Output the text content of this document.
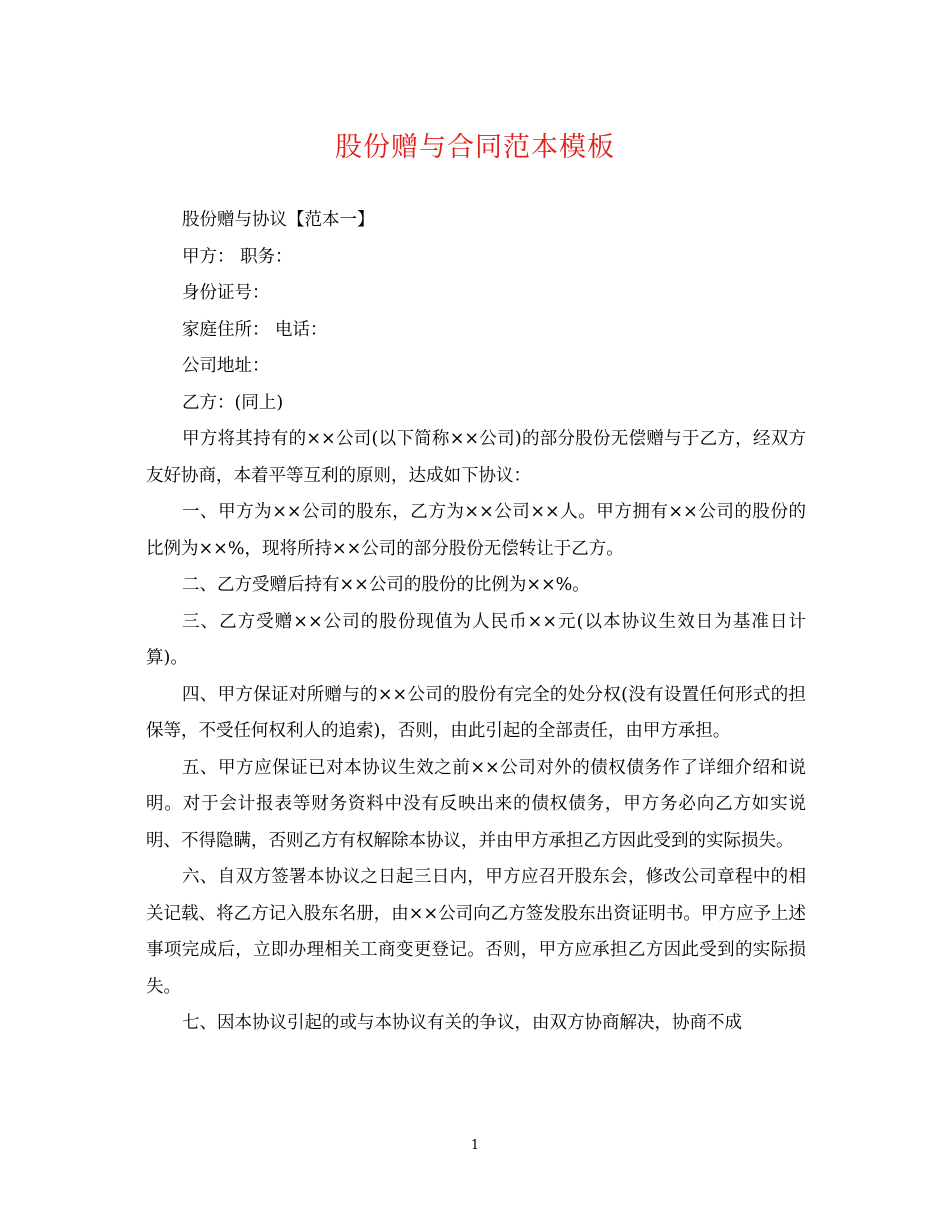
股份赠与合同范本模板

股份赠与协议【范本一】

甲方： 职务：

身份证号：

家庭住所： 电话：

公司地址：

乙方：(同上)

甲方将其持有的××公司(以下简称××公司)的部分股份无偿赠与于乙方，经双方友好协商，本着平等互利的原则，达成如下协议：

一、甲方为××公司的股东，乙方为××公司××人。甲方拥有××公司的股份的比例为××%，现将所持××公司的部分股份无偿转让于乙方。

二、乙方受赠后持有××公司的股份的比例为××%。

三、乙方受赠××公司的股份现值为人民币××元(以本协议生效日为基准日计算)。

四、甲方保证对所赠与的××公司的股份有完全的处分权(没有设置任何形式的担保等，不受任何权利人的追索)，否则，由此引起的全部责任，由甲方承担。

五、甲方应保证已对本协议生效之前××公司对外的债权债务作了详细介绍和说明。对于会计报表等财务资料中没有反映出来的债权债务，甲方务必向乙方如实说明、不得隐瞒，否则乙方有权解除本协议，并由甲方承担乙方因此受到的实际损失。

六、自双方签署本协议之日起三日内，甲方应召开股东会，修改公司章程中的相关记载、将乙方记入股东名册，由××公司向乙方签发股东出资证明书。甲方应予上述事项完成后，立即办理相关工商变更登记。否则，甲方应承担乙方因此受到的实际损失。

七、因本协议引起的或与本协议有关的争议，由双方协商解决，协商不成

1
